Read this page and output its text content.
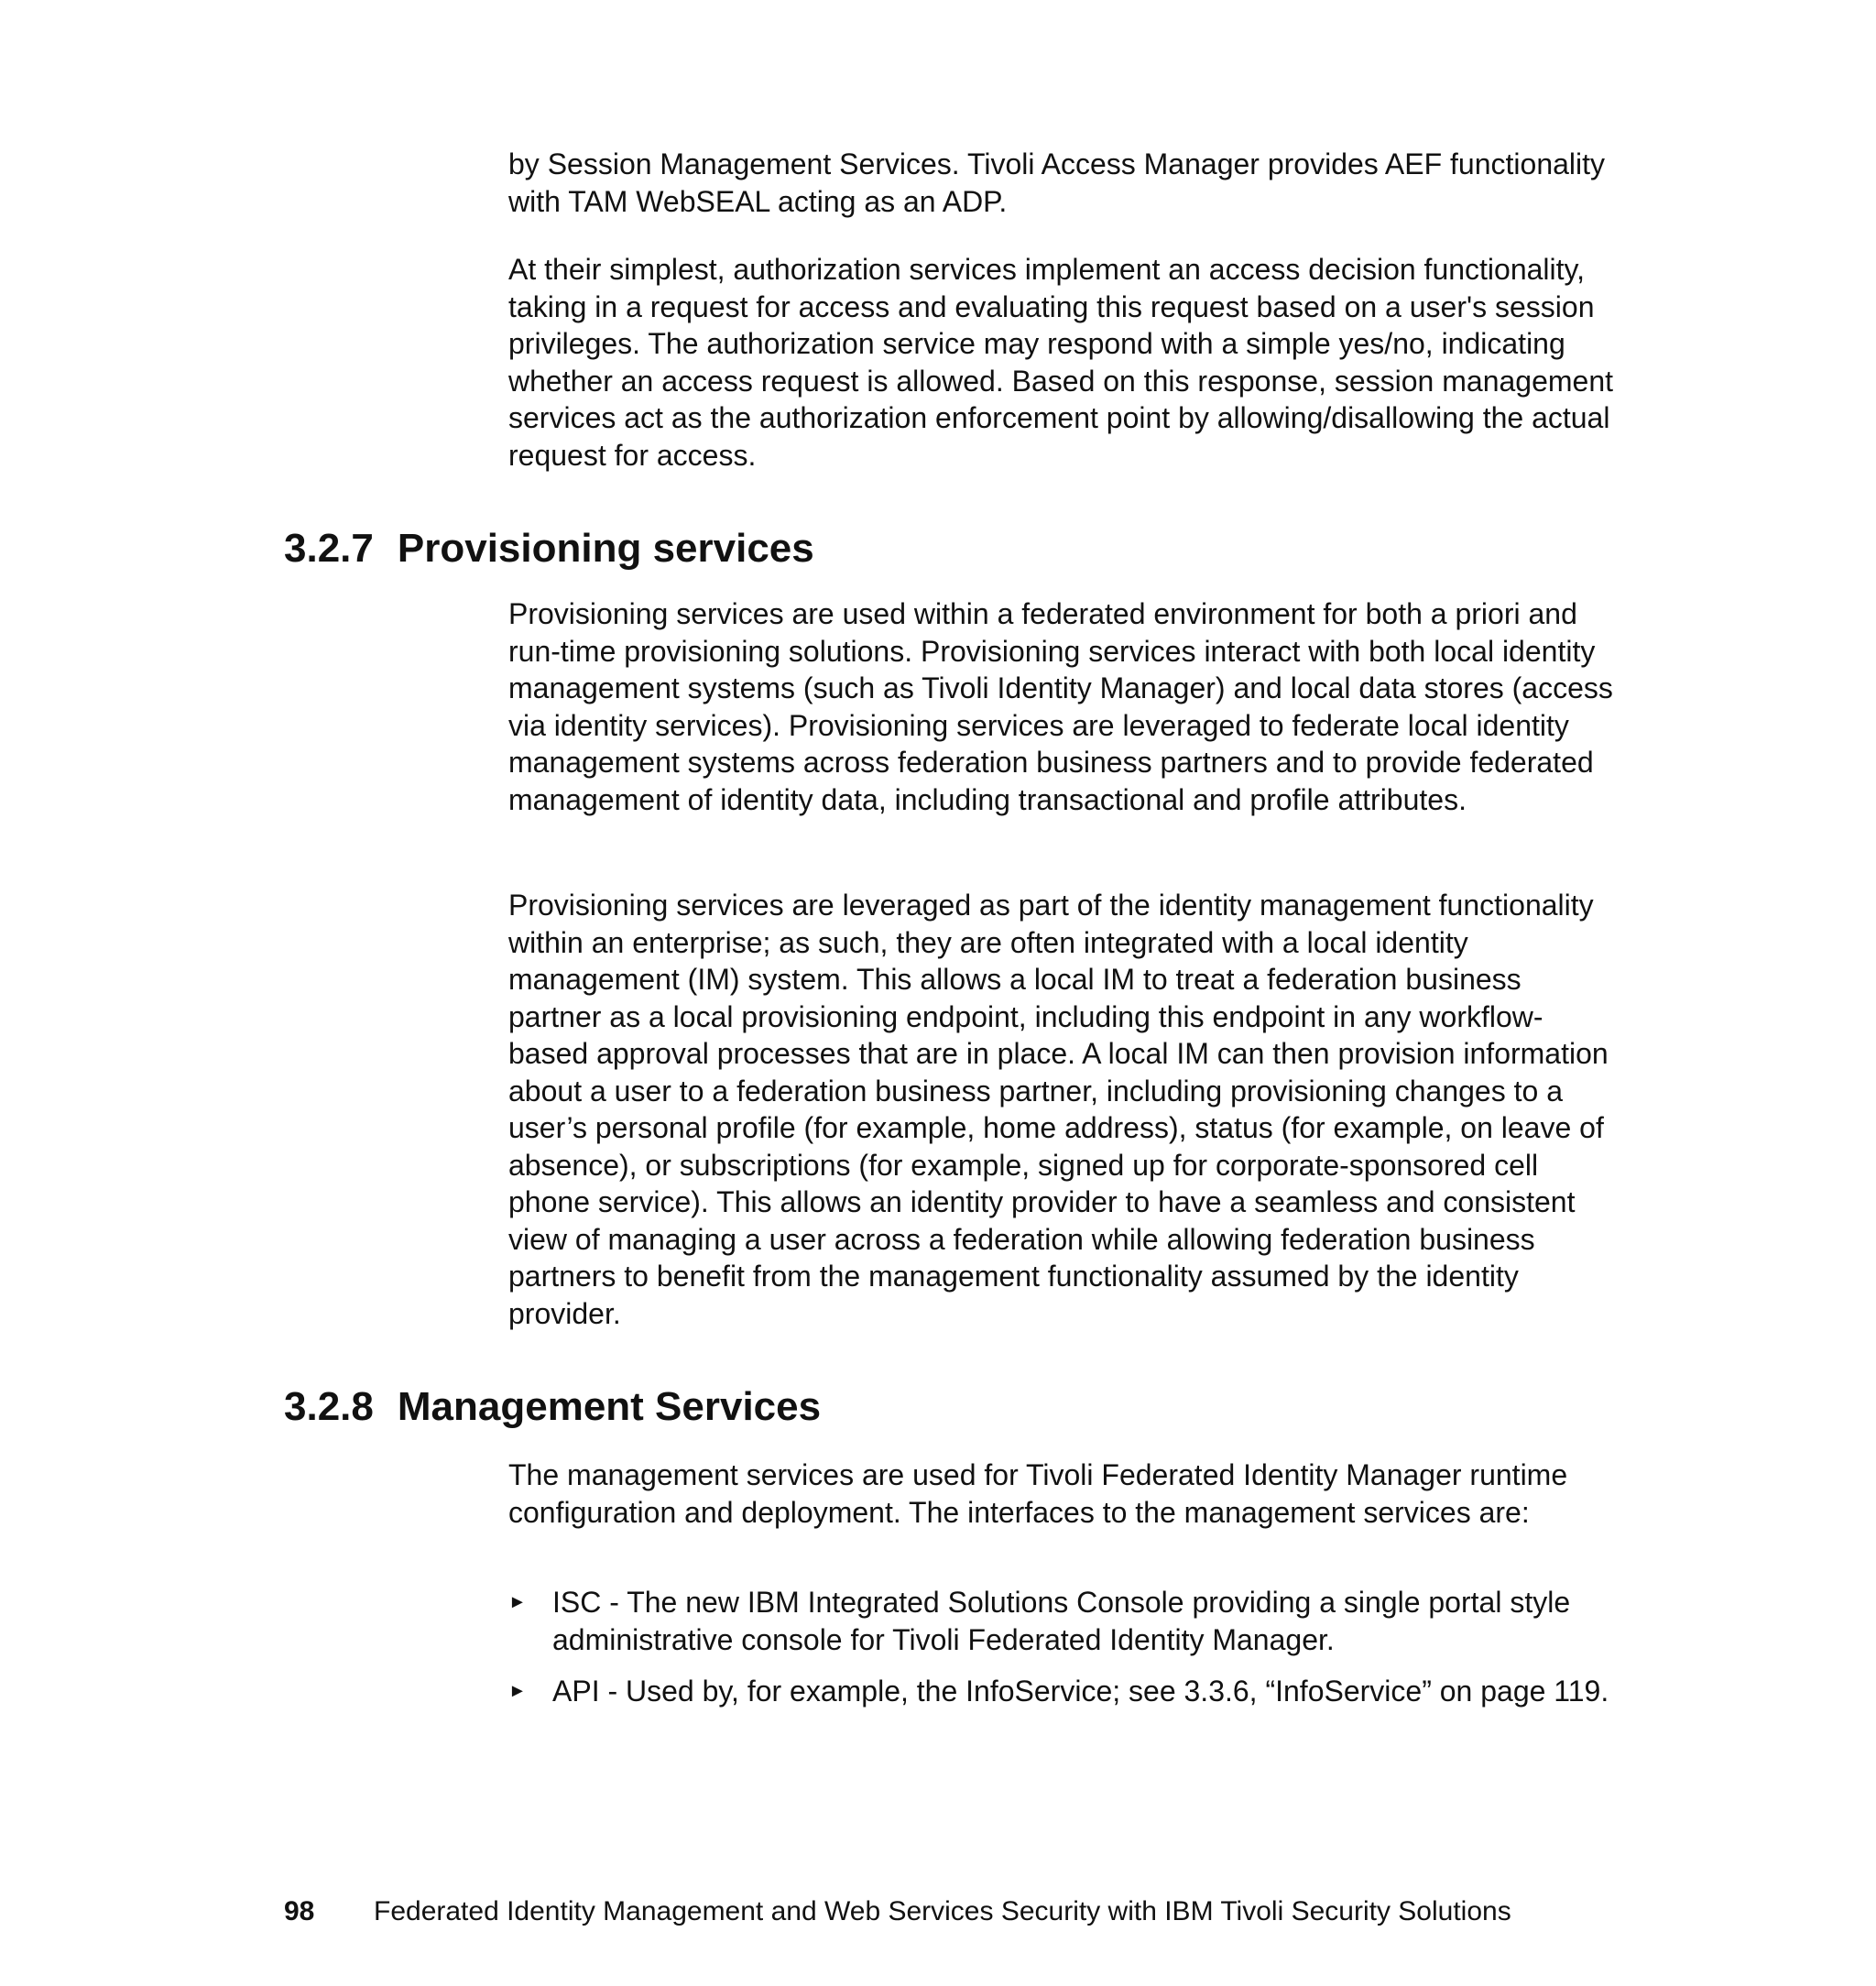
by Session Management Services. Tivoli Access Manager provides AEF functionality with TAM WebSEAL acting as an ADP.

At their simplest, authorization services implement an access decision functionality, taking in a request for access and evaluating this request based on a user's session privileges. The authorization service may respond with a simple yes/no, indicating whether an access request is allowed. Based on this response, session management services act as the authorization enforcement point by allowing/disallowing the actual request for access.

3.2.7 Provisioning services

Provisioning services are used within a federated environment for both a priori and run-time provisioning solutions. Provisioning services interact with both local identity management systems (such as Tivoli Identity Manager) and local data stores (access via identity services). Provisioning services are leveraged to federate local identity management systems across federation business partners and to provide federated management of identity data, including transactional and profile attributes.

Provisioning services are leveraged as part of the identity management functionality within an enterprise; as such, they are often integrated with a local identity management (IM) system. This allows a local IM to treat a federation business partner as a local provisioning endpoint, including this endpoint in any workflow-based approval processes that are in place. A local IM can then provision information about a user to a federation business partner, including provisioning changes to a user’s personal profile (for example, home address), status (for example, on leave of absence), or subscriptions (for example, signed up for corporate-sponsored cell phone service). This allows an identity provider to have a seamless and consistent view of managing a user across a federation while allowing federation business partners to benefit from the management functionality assumed by the identity provider.

3.2.8 Management Services

The management services are used for Tivoli Federated Identity Manager runtime configuration and deployment. The interfaces to the management services are:

► ISC - The new IBM Integrated Solutions Console providing a single portal style administrative console for Tivoli Federated Identity Manager.
► API - Used by, for example, the InfoService; see 3.3.6, “InfoService” on page 119.
98 Federated Identity Management and Web Services Security with IBM Tivoli Security Solutions
